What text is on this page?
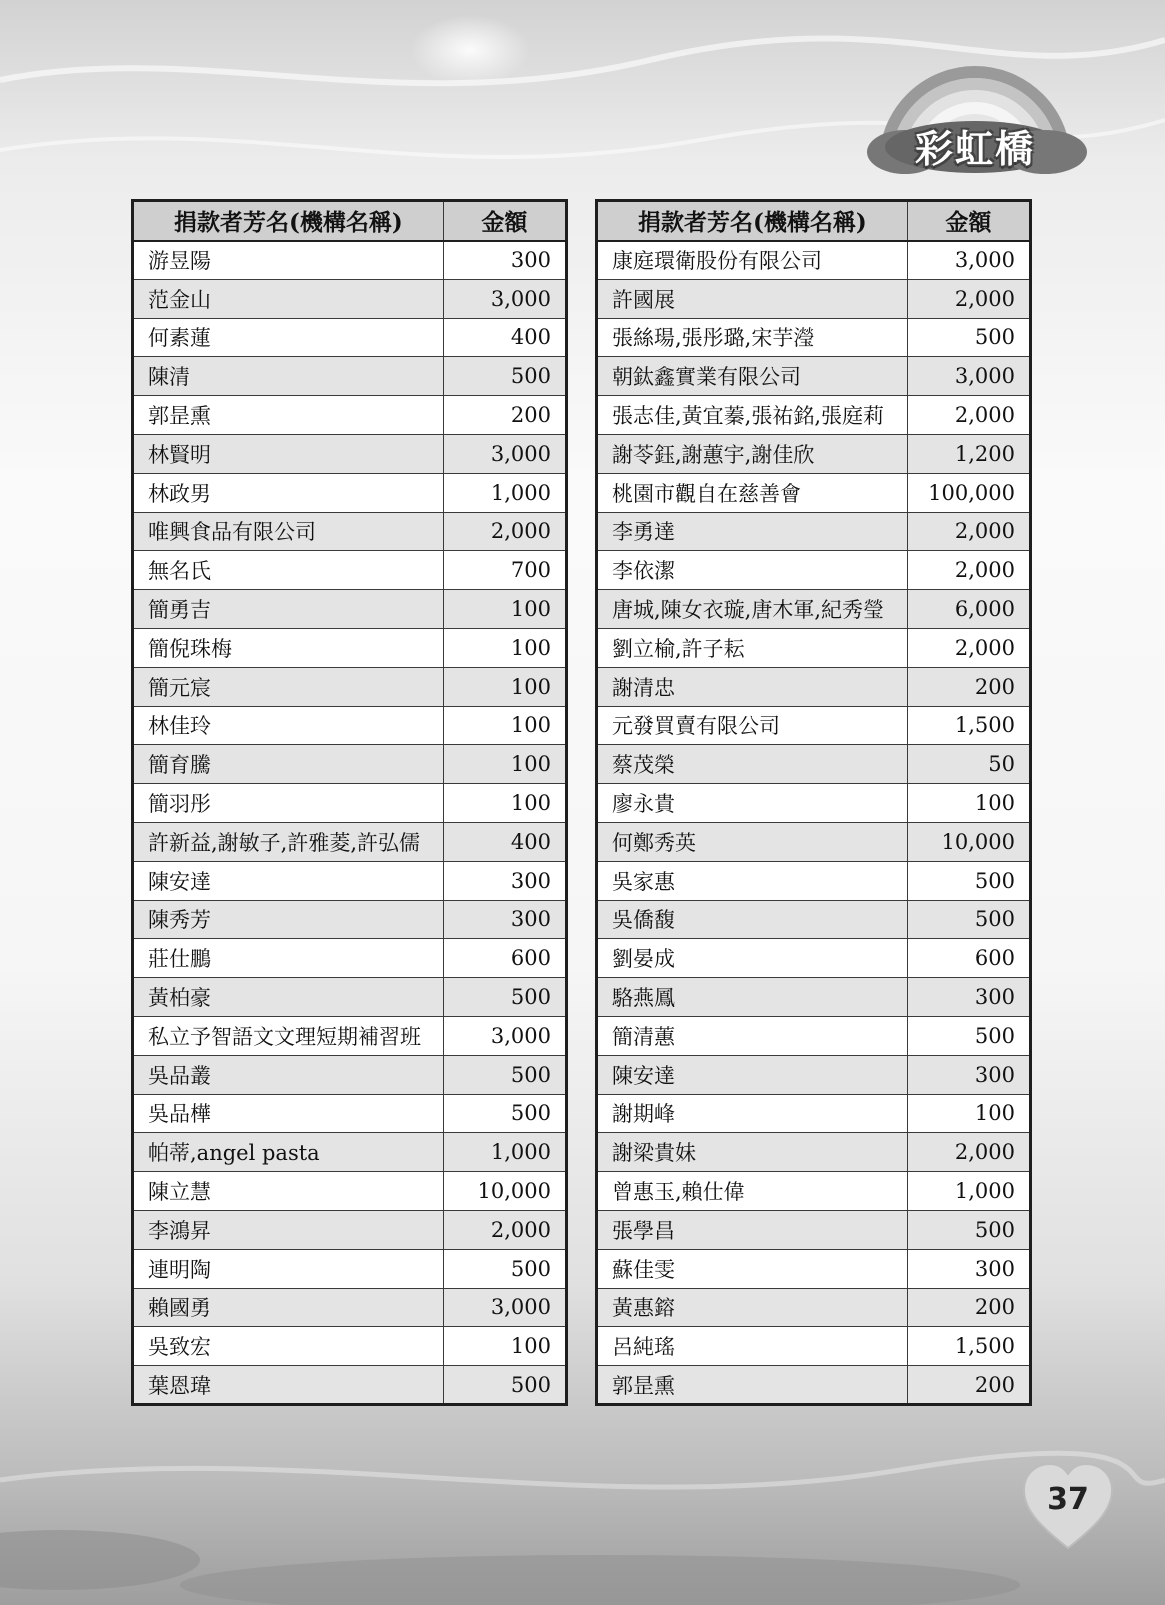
彩虹橋
捐款者芳名(機構名稱)	金額
游昱陽	300
范金山	3,000
何素蓮	400
陳清	500
郭昰熏	200
林賢明	3,000
林政男	1,000
唯興食品有限公司	2,000
無名氏	700
簡勇吉	100
簡倪珠梅	100
簡元宸	100
林佳玲	100
簡育騰	100
簡羽彤	100
許新益,謝敏子,許雅菱,許弘儒	400
陳安達	300
陳秀芳	300
莊仕鵬	600
黃柏豪	500
私立予智語文文理短期補習班	3,000
吳品叢	500
吳品樺	500
帕蒂,angel pasta	1,000
陳立慧	10,000
李鴻昇	2,000
連明陶	500
賴國勇	3,000
吳致宏	100
葉恩瑋	500
捐款者芳名(機構名稱)	金額
康庭環衛股份有限公司	3,000
許國展	2,000
張絲瑒,張彤璐,宋芋瀅	500
朝鈦鑫實業有限公司	3,000
張志佳,黃宜蓁,張祐銘,張庭莉	2,000
謝苓鈺,謝蕙宇,謝佳欣	1,200
桃園市觀自在慈善會	100,000
李勇達	2,000
李依潔	2,000
唐城,陳女衣璇,唐木軍,紀秀瑩	6,000
劉立榆,許子耘	2,000
謝清忠	200
元發買賣有限公司	1,500
蔡茂榮	50
廖永貴	100
何鄭秀英	10,000
吳家惠	500
吳僑馥	500
劉晏成	600
駱燕鳳	300
簡清蕙	500
陳安達	300
謝期峰	100
謝梁貴妹	2,000
曾惠玉,賴仕偉	1,000
張學昌	500
蘇佳雯	300
黃惠鎔	200
呂純瑤	1,500
郭昰熏	200
37
